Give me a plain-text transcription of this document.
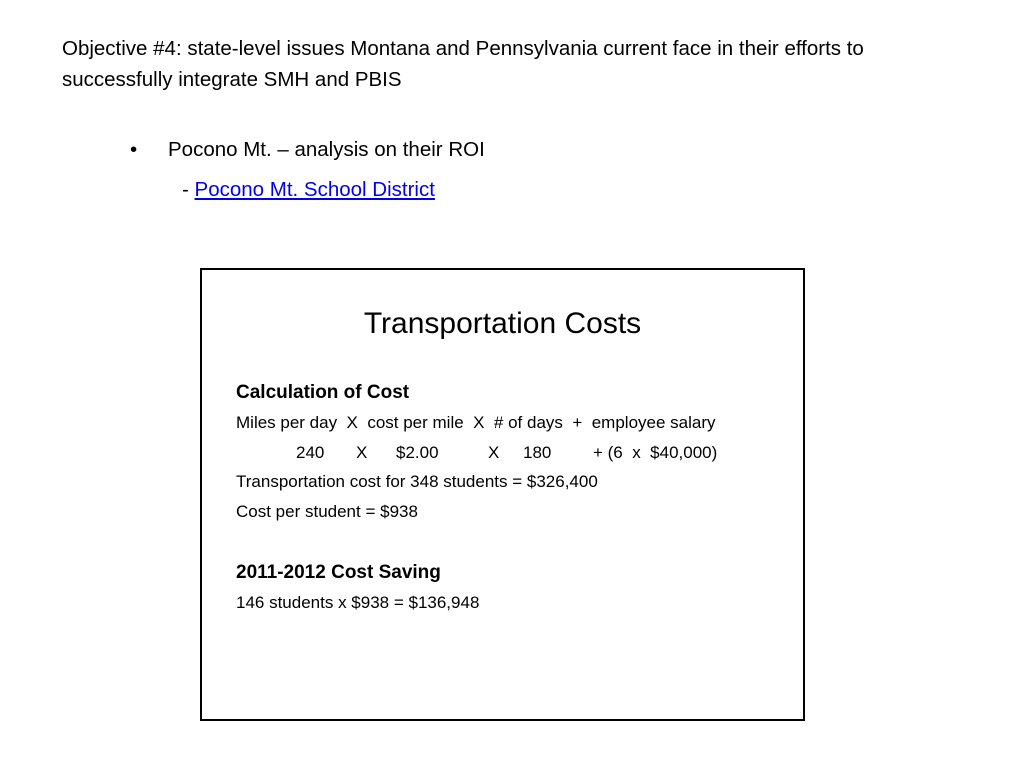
Objective #4: state-level issues Montana and Pennsylvania current face in their efforts to successfully integrate SMH and PBIS
•	Pocono Mt. – analysis on their ROI
- Pocono Mt. School District
Transportation Costs

Calculation of Cost

Miles per day  X  cost per mile  X  # of days  +  employee salary

240	X	$2.00	X	180	+ (6  x  $40,000)

Transportation cost for 348 students = $326,400

Cost per student = $938

2011-2012 Cost Saving

146 students x $938 = $136,948
